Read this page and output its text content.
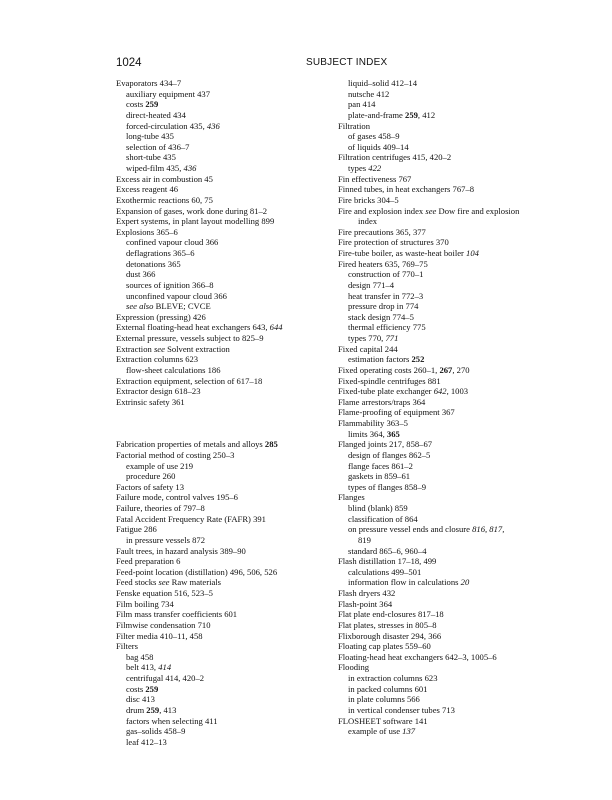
1024	SUBJECT INDEX
Evaporators 434–7
auxiliary equipment 437
costs 259
direct-heated 434
forced-circulation 435, 436
long-tube 435
selection of 436–7
short-tube 435
wiped-film 435, 436
Excess air in combustion 45
Excess reagent 46
Exothermic reactions 60, 75
Expansion of gases, work done during 81–2
Expert systems, in plant layout modelling 899
Explosions 365–6
confined vapour cloud 366
deflagrations 365–6
detonations 365
dust 366
sources of ignition 366–8
unconfined vapour cloud 366
see also BLEVE; CVCE
Expression (pressing) 426
External floating-head heat exchangers 643, 644
External pressure, vessels subject to 825–9
Extraction see Solvent extraction
Extraction columns 623
flow-sheet calculations 186
Extraction equipment, selection of 617–18
Extractor design 618–23
Extrinsic safety 361
Fabrication properties of metals and alloys 285
Factorial method of costing 250–3
example of use 219
procedure 260
Factors of safety 13
Failure mode, control valves 195–6
Failure, theories of 797–8
Fatal Accident Frequency Rate (FAFR) 391
Fatigue 286
in pressure vessels 872
Fault trees, in hazard analysis 389–90
Feed preparation 6
Feed-point location (distillation) 496, 506, 526
Feed stocks see Raw materials
Fenske equation 516, 523–5
Film boiling 734
Film mass transfer coefficients 601
Filmwise condensation 710
Filter media 410–11, 458
Filters
bag 458
belt 413, 414
centrifugal 414, 420–2
costs 259
disc 413
drum 259, 413
factors when selecting 411
gas–solids 458–9
leaf 412–13
liquid–solid 412–14
nutsche 412
pan 414
plate-and-frame 259, 412
Filtration
of gases 458–9
of liquids 409–14
Filtration centrifuges 415, 420–2
types 422
Fin effectiveness 767
Finned tubes, in heat exchangers 767–8
Fire bricks 304–5
Fire and explosion index see Dow fire and explosion
index
Fire precautions 365, 377
Fire protection of structures 370
Fire-tube boiler, as waste-heat boiler 104
Fired heaters 635, 769–75
construction of 770–1
design 771–4
heat transfer in 772–3
pressure drop in 774
stack design 774–5
thermal efficiency 775
types 770, 771
Fixed capital 244
estimation factors 252
Fixed operating costs 260–1, 267, 270
Fixed-spindle centrifuges 881
Fixed-tube plate exchanger 642, 1003
Flame arrestors/traps 364
Flame-proofing of equipment 367
Flammability 363–5
limits 364, 365
Flanged joints 217, 858–67
design of flanges 862–5
flange faces 861–2
gaskets in 859–61
types of flanges 858–9
Flanges
blind (blank) 859
classification of 864
on pressure vessel ends and closure 816, 817,
819
standard 865–6, 960–4
Flash distillation 17–18, 499
calculations 499–501
information flow in calculations 20
Flash dryers 432
Flash-point 364
Flat plate end-closures 817–18
Flat plates, stresses in 805–8
Flixborough disaster 294, 366
Floating cap plates 559–60
Floating-head heat exchangers 642–3, 1005–6
Flooding
in extraction columns 623
in packed columns 601
in plate columns 566
in vertical condenser tubes 713
FLOSHEET software 141
example of use 137
